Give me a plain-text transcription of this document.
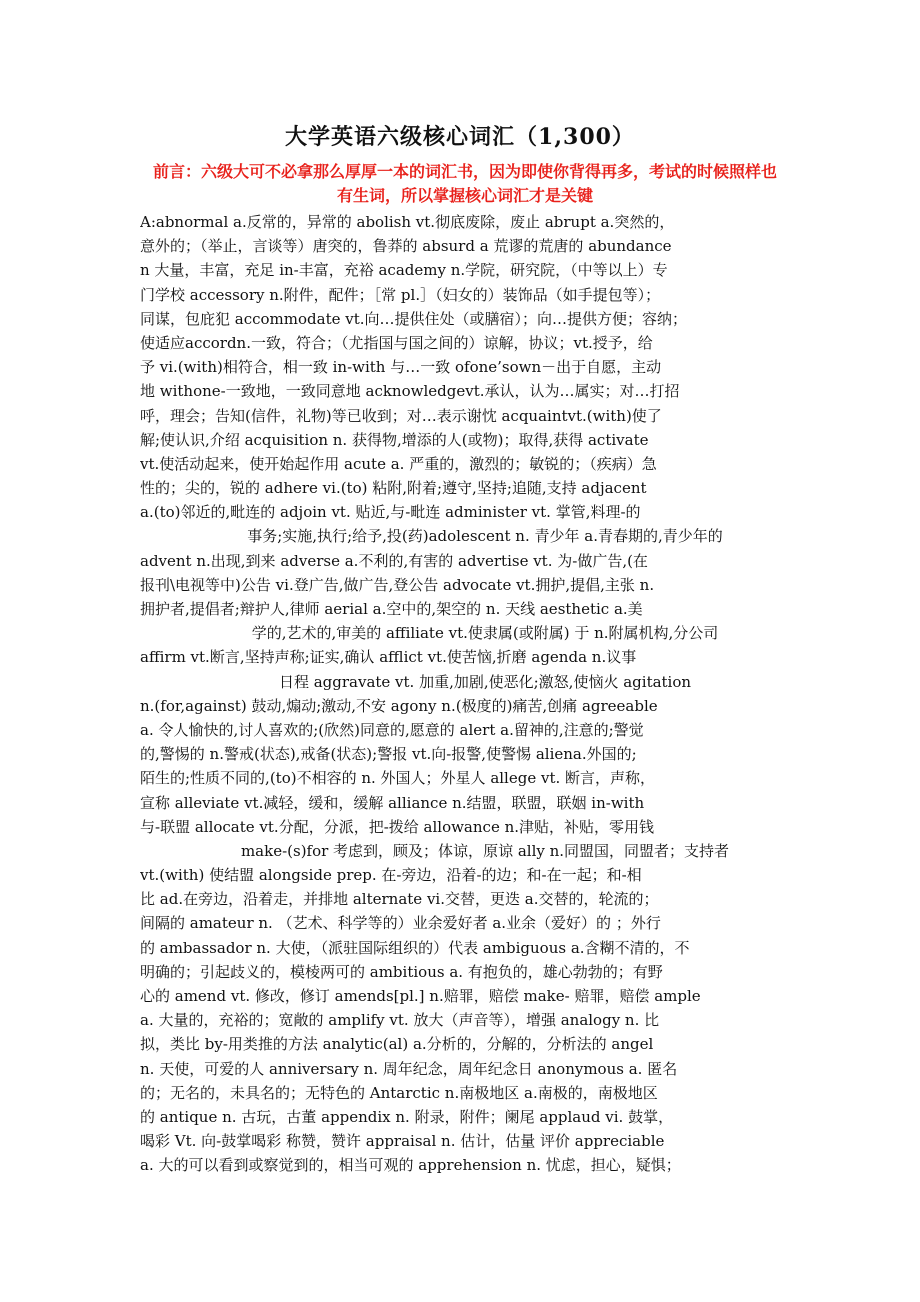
大学英语六级核心词汇（1,300）

前言：六级大可不必拿那么厚厚一本的词汇书，因为即使你背得再多，考试的时候照样也有生词，所以掌握核心词汇才是关键

A:abnormal a.反常的，异常的 abolish vt.彻底废除，废止 abrupt a.突然的，
意外的；（举止，言谈等）唐突的，鲁莽的 absurd a 荒谬的荒唐的 abundance
n 大量，丰富，充足 in-丰富，充裕 academy n.学院，研究院，（中等以上）专
门学校 accessory n.附件，配件；［常 pl.］（妇女的）装饰品（如手提包等）；
同谋，包庇犯 accommodate vt.向…提供住处（或膳宿）；向…提供方便；容纳；
使适应accordn.一致，符合；（尤指国与国之间的）谅解，协议；vt.授予，给
予 vi.(with)相符合，相一致 in-with 与…一致 ofone’sown－出于自愿，主动
地 withone-一致地，一致同意地 acknowledgevt.承认，认为…属实；对…打招
呼，理会；告知(信件，礼物)等已收到；对…表示谢忱 acquaintvt.(with)使了
解;使认识,介绍 acquisition n. 获得物,增添的人(或物)；取得,获得 activate
vt.使活动起来，使开始起作用 acute a. 严重的，激烈的；敏锐的；（疾病）急
性的；尖的，锐的 adhere vi.(to) 粘附,附着;遵守,坚持;追随,支持 adjacent
a.(to)邻近的,毗连的 adjoin vt. 贴近,与-毗连 administer vt. 掌管,料理-的
事务;实施,执行;给予,投(药)adolescent n. 青少年 a.青春期的,青少年的
advent n.出现,到来 adverse a.不利的,有害的 advertise vt. 为-做广告,(在
报刊\电视等中)公告 vi.登广告,做广告,登公告 advocate vt.拥护,提倡,主张 n.
拥护者,提倡者;辩护人,律师 aerial a.空中的,架空的 n. 天线 aesthetic a.美
学的,艺术的,审美的 affiliate vt.使隶属(或附属) 于 n.附属机构,分公司
affirm vt.断言,坚持声称;证实,确认 afflict vt.使苦恼,折磨 agenda n.议事
日程 aggravate vt. 加重,加剧,使恶化;激怒,使恼火 agitation
n.(for,against) 鼓动,煽动;激动,不安 agony n.(极度的)痛苦,创痛 agreeable
a. 令人愉快的,讨人喜欢的;(欣然)同意的,愿意的 alert a.留神的,注意的;警觉
的,警惕的 n.警戒(状态),戒备(状态);警报 vt.向-报警,使警惕 aliena.外国的;
陌生的;性质不同的,(to)不相容的 n. 外国人；外星人 allege vt. 断言，声称，
宣称 alleviate vt.减轻，缓和，缓解 alliance n.结盟，联盟，联姻 in-with
与-联盟 allocate vt.分配，分派，把-拨给 allowance n.津贴，补贴，零用钱
make-(s)for 考虑到，顾及；体谅，原谅 ally n.同盟国，同盟者；支持者
vt.(with) 使结盟 alongside prep. 在-旁边，沿着-的边；和-在一起；和-相
比 ad.在旁边，沿着走，并排地 alternate vi.交替，更迭 a.交替的，轮流的；
间隔的 amateur n. （艺术、科学等的）业余爱好者 a.业余（爱好）的 ；外行
的 ambassador n. 大使，（派驻国际组织的）代表 ambiguous a.含糊不清的，不
明确的；引起歧义的，模棱两可的 ambitious a. 有抱负的，雄心勃勃的；有野
心的 amend vt. 修改，修订 amends[pl.] n.赔罪，赔偿 make- 赔罪，赔偿 ample
a. 大量的，充裕的；宽敞的 amplify vt. 放大（声音等），增强 analogy n. 比
拟，类比 by-用类推的方法 analytic(al) a.分析的，分解的，分析法的 angel
n. 天使，可爱的人 anniversary n. 周年纪念，周年纪念日 anonymous a. 匿名
的；无名的，未具名的；无特色的 Antarctic n.南极地区 a.南极的，南极地区
的 antique n. 古玩，古董 appendix n. 附录，附件；阑尾 applaud vi. 鼓掌，
喝彩 Vt. 向-鼓掌喝彩 称赞，赞许 appraisal n. 估计，估量 评价 appreciable
a. 大的可以看到或察觉到的，相当可观的 apprehension n. 忧虑，担心，疑惧；
